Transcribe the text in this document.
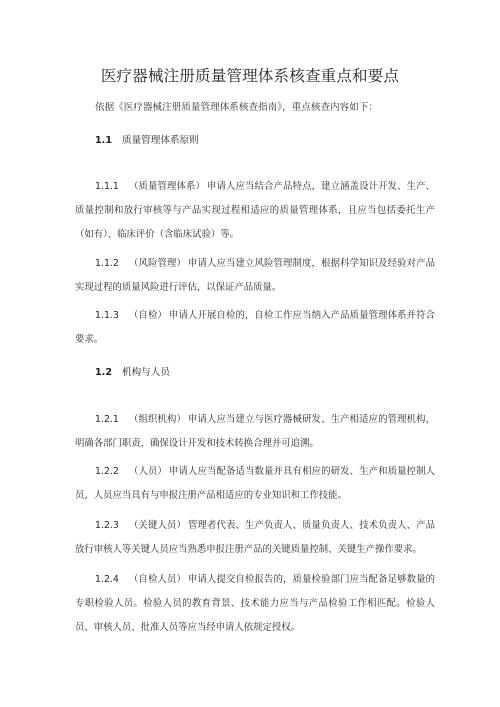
医疗器械注册质量管理体系核查重点和要点
依据《医疗器械注册质量管理体系核查指南》，重点核查内容如下：
1.1 质量管理体系原则
1.1.1 （质量管理体系） 申请人应当结合产品特点，建立涵盖设计开发、生产、质量控制和放行审核等与产品实现过程相适应的质量管理体系，且应当包括委托生产（如有）、临床评价（含临床试验）等。
1.1.2 （风险管理） 申请人应当建立风险管理制度，根据科学知识及经验对产品实现过程的质量风险进行评估，以保证产品质量。
1.1.3 （自检） 申请人开展自检的，自检工作应当纳入产品质量管理体系并符合要求。
1.2 机构与人员
1.2.1 （组织机构） 申请人应当建立与医疗器械研发、生产相适应的管理机构，明确各部门职责，确保设计开发和技术转换合理并可追溯。
1.2.2 （人员） 申请人应当配备适当数量并具有相应的研发、生产和质量控制人员，人员应当具有与申报注册产品相适应的专业知识和工作技能。
1.2.3 （关键人员） 管理者代表、生产负责人、质量负责人、技术负责人、产品放行审核人等关键人员应当熟悉申报注册产品的关键质量控制、关键生产操作要求。
1.2.4 （自检人员） 申请人提交自检报告的，质量检验部门应当配备足够数量的专职检验人员。检验人员的教育背景、技术能力应当与产品检验工作相匹配。检验人员、审核人员、批准人员等应当经申请人依规定授权。
